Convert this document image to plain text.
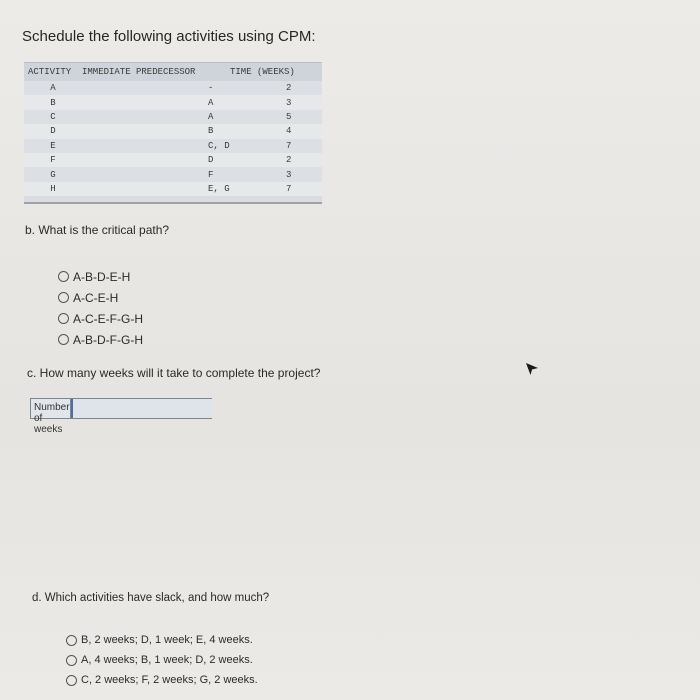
Schedule the following activities using CPM:
ACTIVITY	IMMEDIATE PREDECESSOR	TIME (WEEKS)
A	-	2
B	A	3
C	A	5
D	B	4
E	C, D	7
F	D	2
G	F	3
H	E, G	7
b. What is the critical path?
A-B-D-E-H
A-C-E-H
A-C-E-F-G-H
A-B-D-F-G-H
c. How many weeks will it take to complete the project?
Number of weeks
d. Which activities have slack, and how much?
B, 2 weeks; D, 1 week; E, 4 weeks.
A, 4 weeks; B, 1 week; D, 2 weeks.
C, 2 weeks; F, 2 weeks; G, 2 weeks.
